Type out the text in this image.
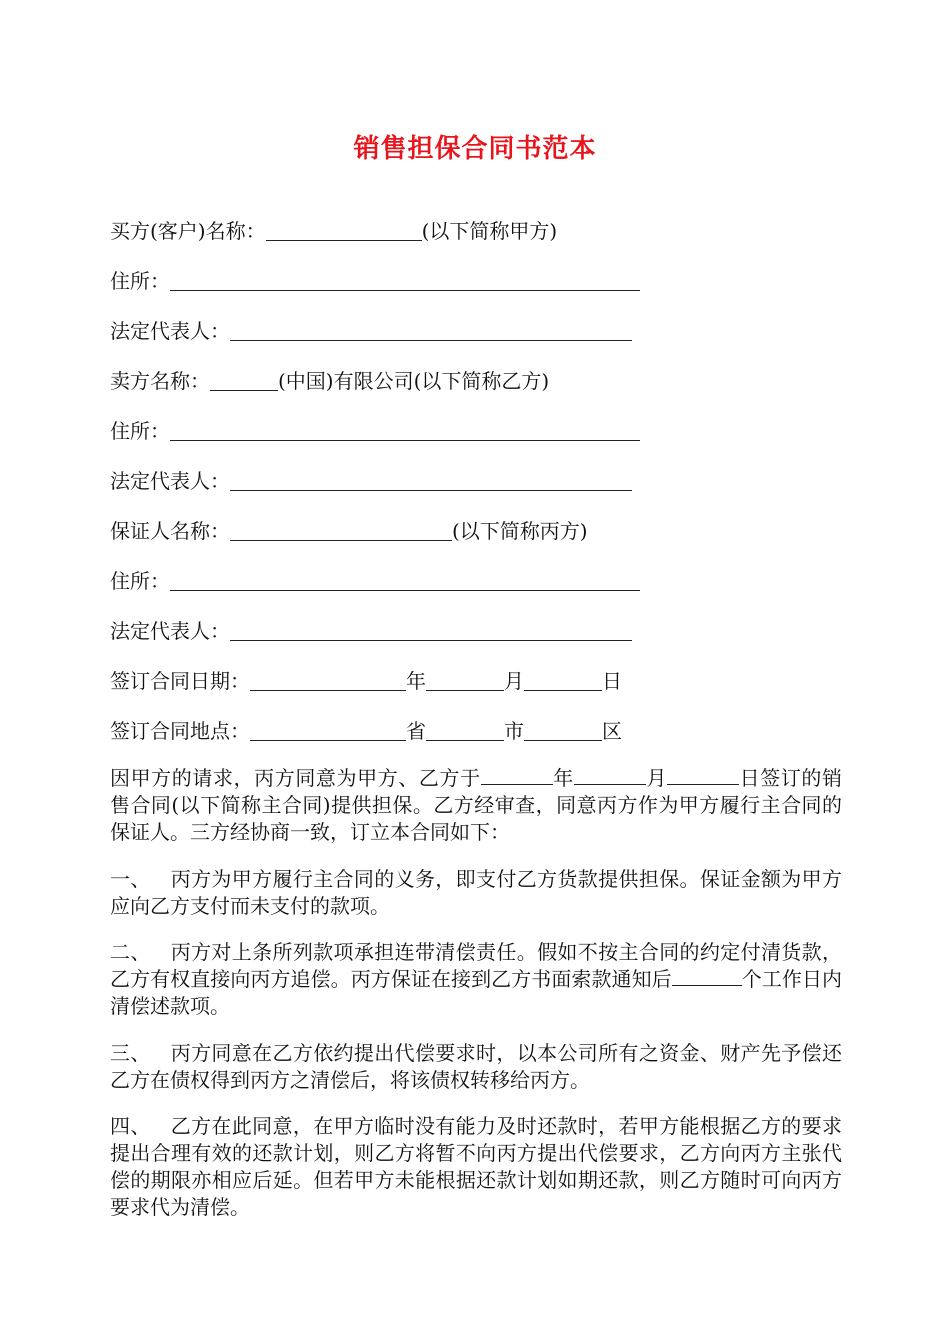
销售担保合同书范本
买方(客户)名称：	(以下简称甲方)
住所：
法定代表人：
卖方名称：	(中国)有限公司(以下简称乙方)
住所：
法定代表人：
保证人名称：	(以下简称丙方)
住所：
法定代表人：
签订合同日期：	年	月	日
签订合同地点：	省	市	区
因甲方的请求，丙方同意为甲方、乙方于	年	月	日签订的销售合同(以下简称主合同)提供担保。乙方经审查，同意丙方作为甲方履行主合同的保证人。三方经协商一致，订立本合同如下：
一、 丙方为甲方履行主合同的义务，即支付乙方货款提供担保。保证金额为甲方应向乙方支付而未支付的款项。
二、 丙方对上条所列款项承担连带清偿责任。假如不按主合同的约定付清货款，乙方有权直接向丙方追偿。丙方保证在接到乙方书面索款通知后	个工作日内清偿述款项。
三、 丙方同意在乙方依约提出代偿要求时，以本公司所有之资金、财产先予偿还乙方在债权得到丙方之清偿后，将该债权转移给丙方。
四、 乙方在此同意，在甲方临时没有能力及时还款时，若甲方能根据乙方的要求提出合理有效的还款计划，则乙方将暂不向丙方提出代偿要求，乙方向丙方主张代偿的期限亦相应后延。但若甲方未能根据还款计划如期还款，则乙方随时可向丙方要求代为清偿。
